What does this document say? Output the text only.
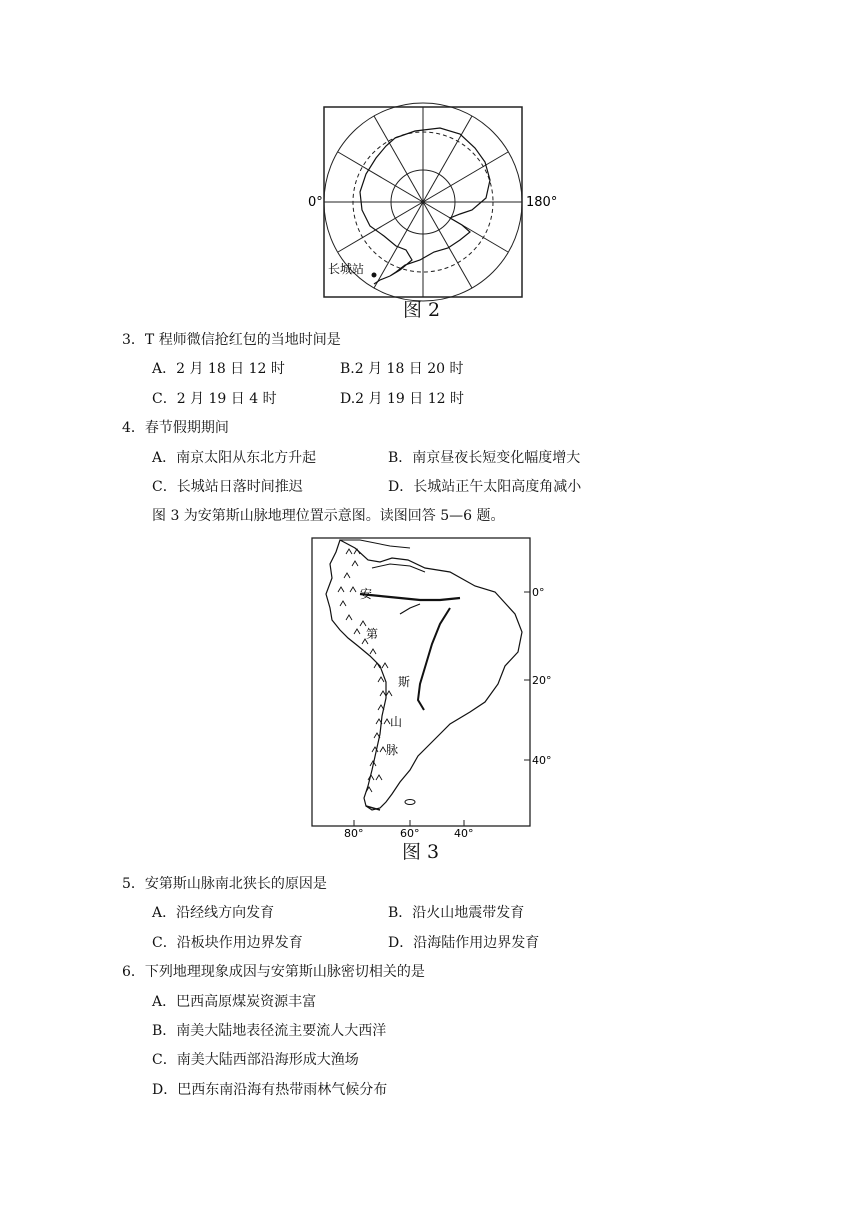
0°	180°
长城站
图 2
3．T 程师微信抢红包的当地时间是
A．2 月 18 日 12 时	B.2 月 18 日 20 时
C．2 月 19 日 4 时	D.2 月 19 日 12 时
4．春节假期期间
A．南京太阳从东北方升起	B．南京昼夜长短变化幅度增大
C．长城站日落时间推迟	D．长城站正午太阳高度角减小
图 3 为安第斯山脉地理位置示意图。读图回答 5—6 题。
安
第
斯
山
脉
0°
20°
40°
80°	60°	40°
图 3
5．安第斯山脉南北狭长的原因是
A．沿经线方向发育	B．沿火山地震带发育
C．沿板块作用边界发育	D．沿海陆作用边界发育
6．下列地理现象成因与安第斯山脉密切相关的是
A．巴西高原煤炭资源丰富
B．南美大陆地表径流主要流人大西洋
C．南美大陆西部沿海形成大渔场
D．巴西东南沿海有热带雨林气候分布
